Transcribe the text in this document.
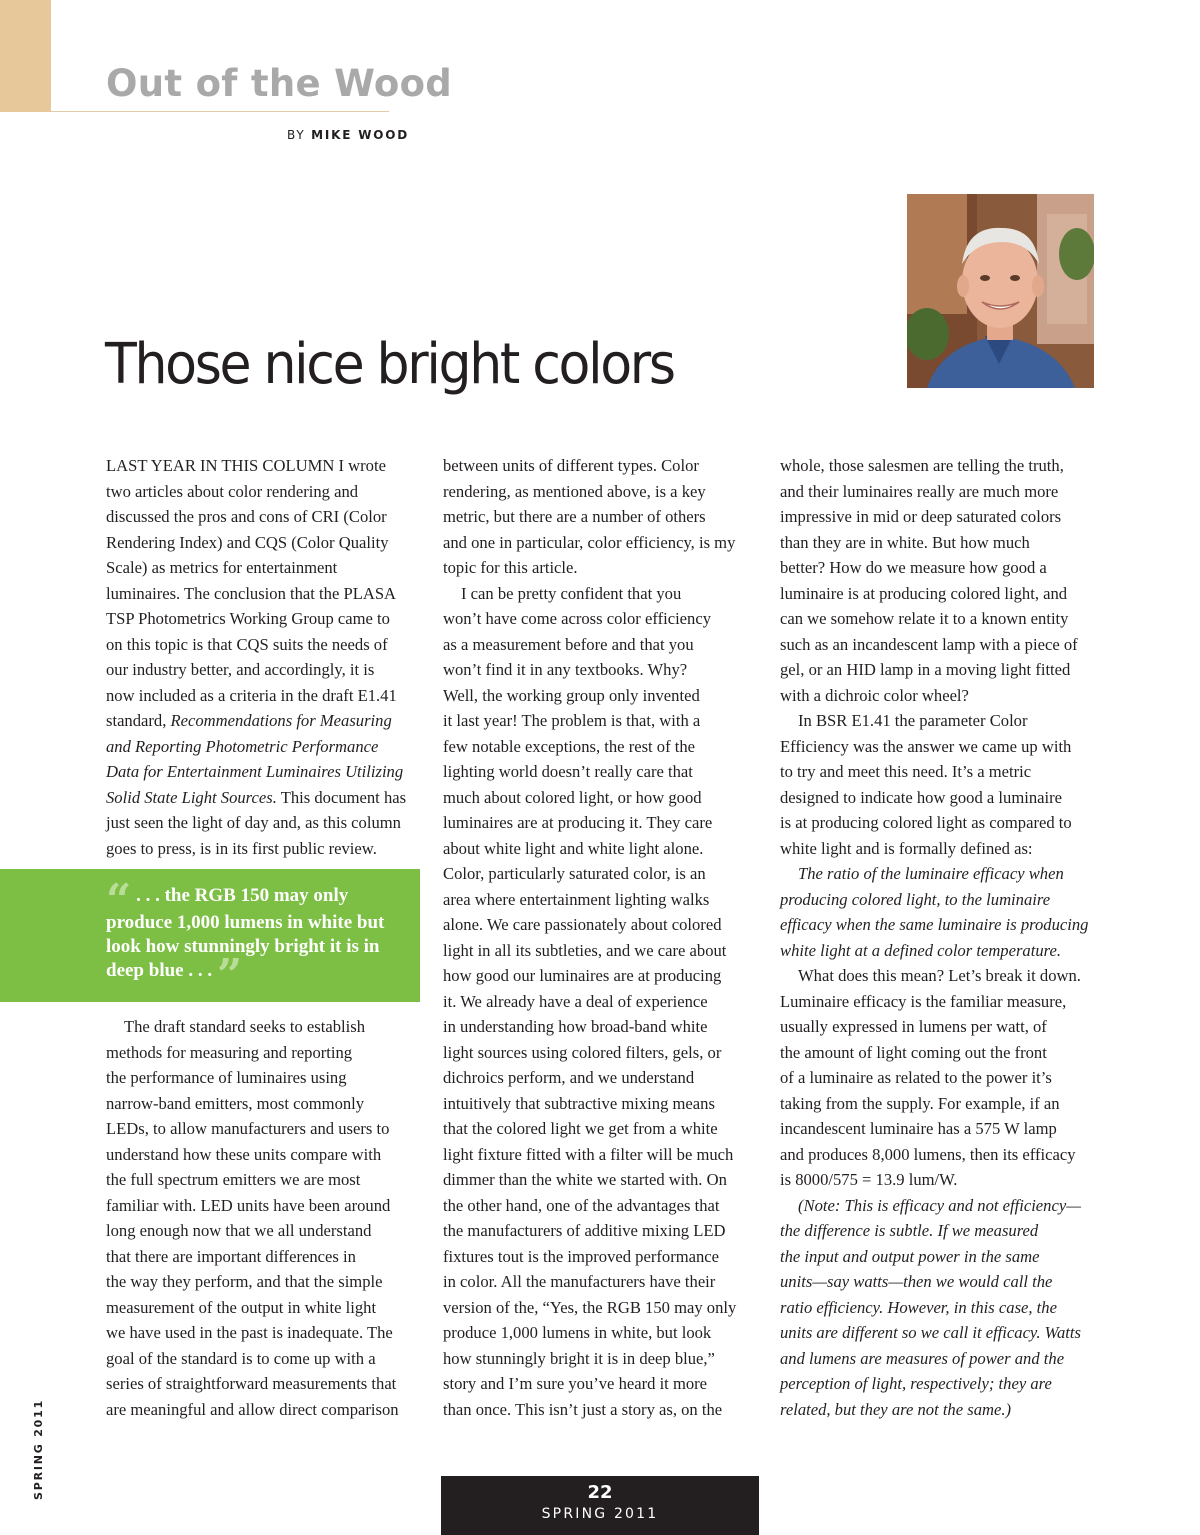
Out of the Wood
BY MIKE WOOD
Those nice bright colors
LAST YEAR IN THIS COLUMN I wrote
two articles about color rendering and
discussed the pros and cons of CRI (Color
Rendering Index) and CQS (Color Quality
Scale) as metrics for entertainment
luminaires. The conclusion that the PLASA
TSP Photometrics Working Group came to
on this topic is that CQS suits the needs of
our industry better, and accordingly, it is
now included as a criteria in the draft E1.41
standard, Recommendations for Measuring
and Reporting Photometric Performance
Data for Entertainment Luminaires Utilizing
Solid State Light Sources. This document has
just seen the light of day and, as this column
goes to press, is in its first public review.
“ . . . the RGB 150 may only
produce 1,000 lumens in white but
look how stunningly bright it is in
deep blue . . . ”
The draft standard seeks to establish
methods for measuring and reporting
the performance of luminaires using
narrow-band emitters, most commonly
LEDs, to allow manufacturers and users to
understand how these units compare with
the full spectrum emitters we are most
familiar with. LED units have been around
long enough now that we all understand
that there are important differences in
the way they perform, and that the simple
measurement of the output in white light
we have used in the past is inadequate. The
goal of the standard is to come up with a
series of straightforward measurements that
are meaningful and allow direct comparison
between units of different types. Color
rendering, as mentioned above, is a key
metric, but there are a number of others
and one in particular, color efficiency, is my
topic for this article.
I can be pretty confident that you
won’t have come across color efficiency
as a measurement before and that you
won’t find it in any textbooks. Why?
Well, the working group only invented
it last year! The problem is that, with a
few notable exceptions, the rest of the
lighting world doesn’t really care that
much about colored light, or how good
luminaires are at producing it. They care
about white light and white light alone.
Color, particularly saturated color, is an
area where entertainment lighting walks
alone. We care passionately about colored
light in all its subtleties, and we care about
how good our luminaires are at producing
it. We already have a deal of experience
in understanding how broad-band white
light sources using colored filters, gels, or
dichroics perform, and we understand
intuitively that subtractive mixing means
that the colored light we get from a white
light fixture fitted with a filter will be much
dimmer than the white we started with. On
the other hand, one of the advantages that
the manufacturers of additive mixing LED
fixtures tout is the improved performance
in color. All the manufacturers have their
version of the, “Yes, the RGB 150 may only
produce 1,000 lumens in white, but look
how stunningly bright it is in deep blue,”
story and I’m sure you’ve heard it more
than once. This isn’t just a story as, on the
whole, those salesmen are telling the truth,
and their luminaires really are much more
impressive in mid or deep saturated colors
than they are in white. But how much
better? How do we measure how good a
luminaire is at producing colored light, and
can we somehow relate it to a known entity
such as an incandescent lamp with a piece of
gel, or an HID lamp in a moving light fitted
with a dichroic color wheel?
In BSR E1.41 the parameter Color
Efficiency was the answer we came up with
to try and meet this need. It’s a metric
designed to indicate how good a luminaire
is at producing colored light as compared to
white light and is formally defined as:
The ratio of the luminaire efficacy when
producing colored light, to the luminaire
efficacy when the same luminaire is producing
white light at a defined color temperature.
What does this mean? Let’s break it down.
Luminaire efficacy is the familiar measure,
usually expressed in lumens per watt, of
the amount of light coming out the front
of a luminaire as related to the power it’s
taking from the supply. For example, if an
incandescent luminaire has a 575 W lamp
and produces 8,000 lumens, then its efficacy
is 8000/575 = 13.9 lum/W.
(Note: This is efficacy and not efficiency—
the difference is subtle. If we measured
the input and output power in the same
units—say watts—then we would call the
ratio efficiency. However, in this case, the
units are different so we call it efficacy. Watts
and lumens are measures of power and the
perception of light, respectively; they are
related, but they are not the same.)
SPRING 2011	22
SPRING 2011
